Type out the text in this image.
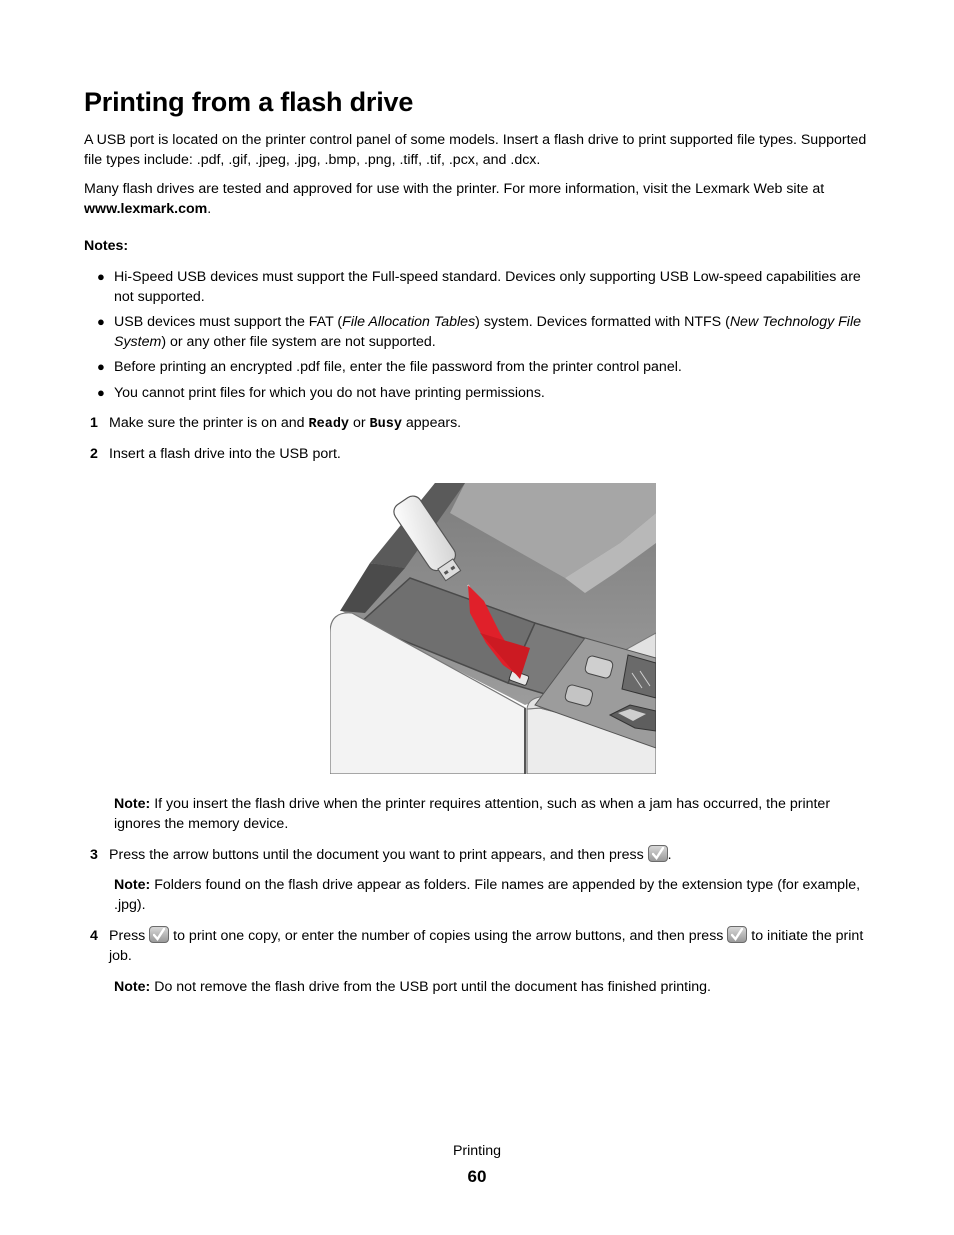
Printing from a flash drive

A USB port is located on the printer control panel of some models. Insert a flash drive to print supported file types. Supported file types include: .pdf, .gif, .jpeg, .jpg, .bmp, .png, .tiff, .tif, .pcx, and .dcx.

Many flash drives are tested and approved for use with the printer. For more information, visit the Lexmark Web site at www.lexmark.com.

Notes:

● Hi-Speed USB devices must support the Full-speed standard. Devices only supporting USB Low-speed capabilities are not supported.
● USB devices must support the FAT (File Allocation Tables) system. Devices formatted with NTFS (New Technology File System) or any other file system are not supported.
● Before printing an encrypted .pdf file, enter the file password from the printer control panel.
● You cannot print files for which you do not have printing permissions.
1 Make sure the printer is on and Ready or Busy appears.
2 Insert a flash drive into the USB port.

Note: If you insert the flash drive when the printer requires attention, such as when a jam has occurred, the printer ignores the memory device.

3 Press the arrow buttons until the document you want to print appears, and then press
.

Note: Folders found on the flash drive appear as folders. File names are appended by the extension type (for example, .jpg).

4 Press
to print one copy, or enter the number of copies using the arrow buttons, and then press
to initiate the print job.

Note: Do not remove the flash drive from the USB port until the document has finished printing.

Printing
60
